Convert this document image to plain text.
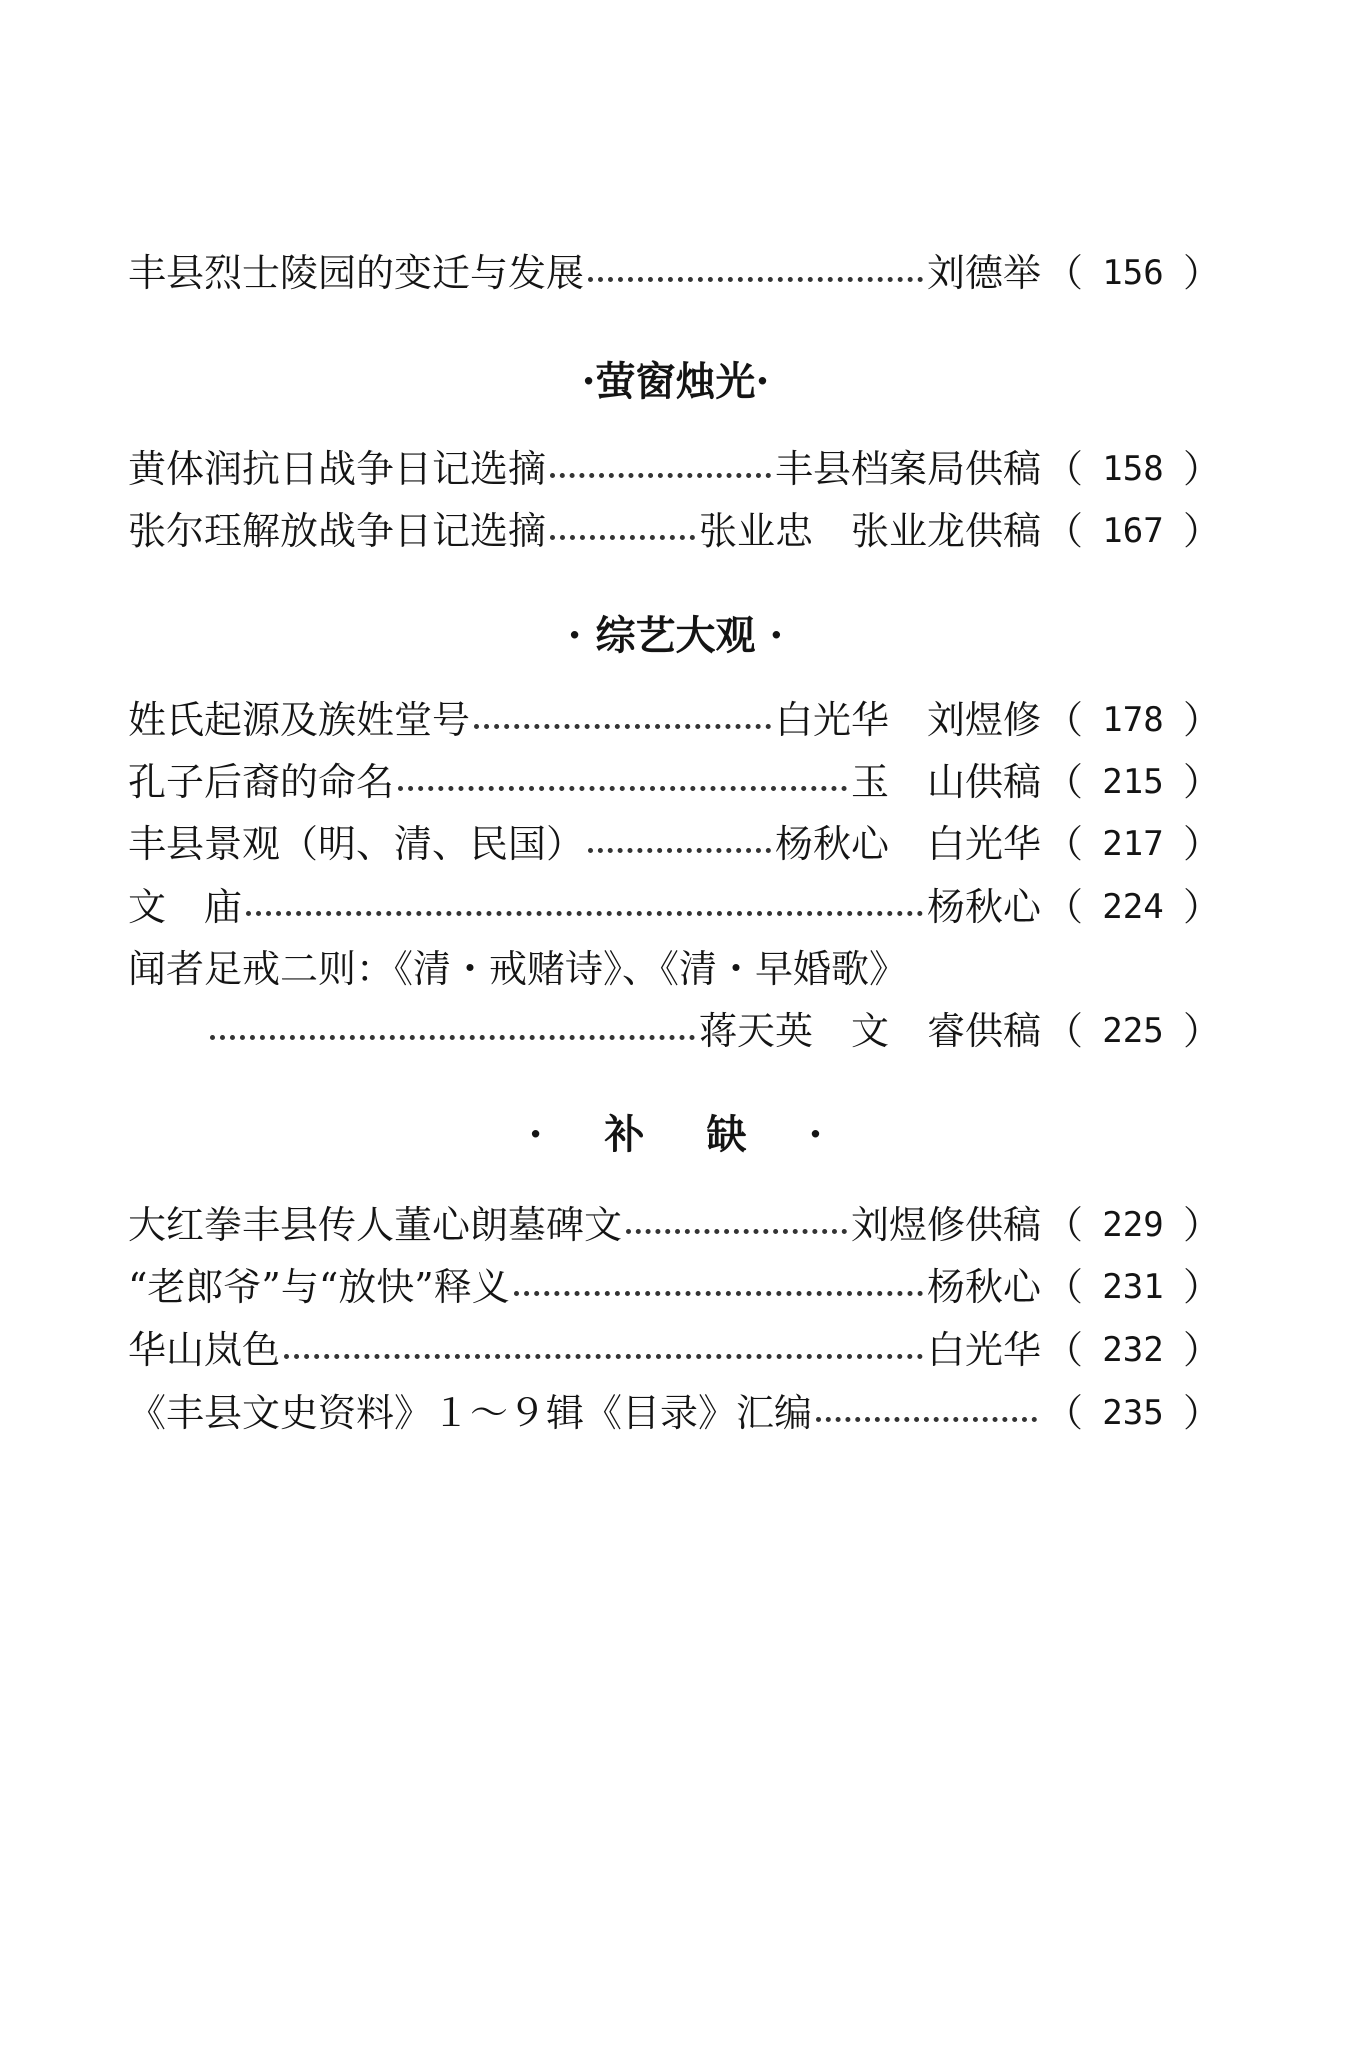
丰县烈士陵园的变迁与发展	刘德举 （ 156 ）
·萤窗烛光·
黄体润抗日战争日记选摘	丰县档案局供稿 （ 158 ）
张尔珏解放战争日记选摘	张业忠　张业龙供稿 （ 167 ）
· 综艺大观 ·
姓氏起源及族姓堂号	白光华　刘煜修 （ 178 ）
孔子后裔的命名	玉　山供稿 （ 215 ）
丰县景观（明、清、民国）	杨秋心　白光华 （ 217 ）
文　庙	杨秋心 （ 224 ）
闻者足戒二则：《清・戒赌诗》、《清・早婚歌》
蒋天英　文　睿供稿 （ 225 ）
·补缺·
大红拳丰县传人董心朗墓碑文	刘煜修供稿 （ 229 ）
“老郎爷”与“放快”释义	杨秋心 （ 231 ）
华山岚色	白光华 （ 232 ）
《丰县文史资料》１～９辑《目录》汇编	（ 235 ）
